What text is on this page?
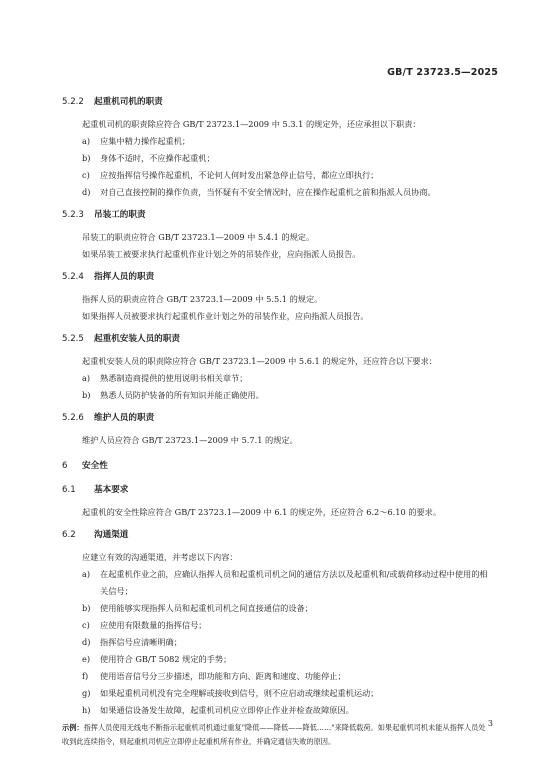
GB/T 23723.5—2025
5.2.2	起重机司机的职责
起重机司机的职责除应符合 GB/T 23723.1—2009 中 5.3.1 的规定外，还应承担以下职责：
a)	应集中精力操作起重机；
b)	身体不适时，不应操作起重机；
c)	应按指挥信号操作起重机，不论何人何时发出紧急停止信号，都应立即执行；
d)	对自己直接控制的操作负责，当怀疑有不安全情况时，应在操作起重机之前和指派人员协商。
5.2.3	吊装工的职责
吊装工的职责应符合 GB/T 23723.1—2009 中 5.4.1 的规定。
如果吊装工被要求执行起重机作业计划之外的吊装作业，应向指派人员报告。
5.2.4	指挥人员的职责
指挥人员的职责应符合 GB/T 23723.1—2009 中 5.5.1 的规定。
如果指挥人员被要求执行起重机作业计划之外的吊装作业，应向指派人员报告。
5.2.5	起重机安装人员的职责
起重机安装人员的职责除应符合 GB/T 23723.1—2009 中 5.6.1 的规定外，还应符合以下要求：
a)	熟悉制造商提供的使用说明书相关章节；
b)	熟悉人员防护装备的所有知识并能正确使用。
5.2.6	维护人员的职责
维护人员应符合 GB/T 23723.1—2009 中 5.7.1 的规定。
6	安全性
6.1	基本要求
起重机的安全性除应符合 GB/T 23723.1—2009 中 6.1 的规定外，还应符合 6.2～6.10 的要求。
6.2	沟通渠道
应建立有效的沟通渠道，并考虑以下内容：
a)	在起重机作业之前，应确认指挥人员和起重机司机之间的通信方法以及起重机和/或载荷移动过程中使用的相关信号；
b)	使用能够实现指挥人员和起重机司机之间直接通信的设备；
c)	应使用有限数量的指挥信号；
d)	指挥信号应清晰明确；
e)	使用符合 GB/T 5082 规定的手势；
f)	使用语音信号分三步描述，即功能和方向、距离和速度、功能停止；
g)	如果起重机司机没有完全理解或接收到信号，则不应启动或继续起重机运动；
h)	如果通信设备发生故障，起重机司机应立即停止作业并检查故障原因。
示例：指挥人员使用无线电不断指示起重机司机通过重复"降低——降低——降低……"来降低载荷。如果起重机司机未能从指挥人员处收到此连续指令，则起重机司机应立即停止起重机所有作业，并确定通信失败的原因。
3
